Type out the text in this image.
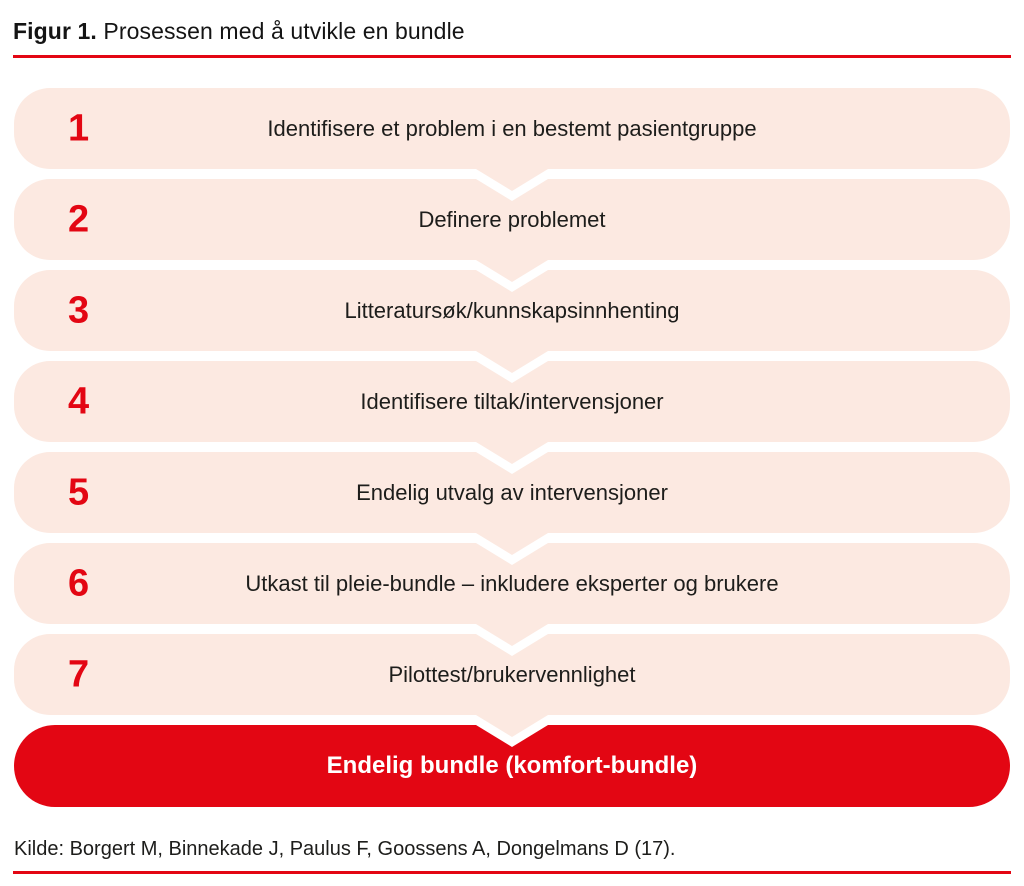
Figur 1. Prosessen med å utvikle en bundle
1	Identifisere et problem i en bestemt pasientgruppe
2	Definere problemet
3	Litteratursøk/kunnskapsinnhenting
4	Identifisere tiltak/intervensjoner
5	Endelig utvalg av intervensjoner
6	Utkast til pleie-bundle – inkludere eksperter og brukere
7	Pilottest/brukervennlighet
Endelig bundle (komfort-bundle)
Kilde: Borgert M, Binnekade J, Paulus F, Goossens A, Dongelmans D (17).
